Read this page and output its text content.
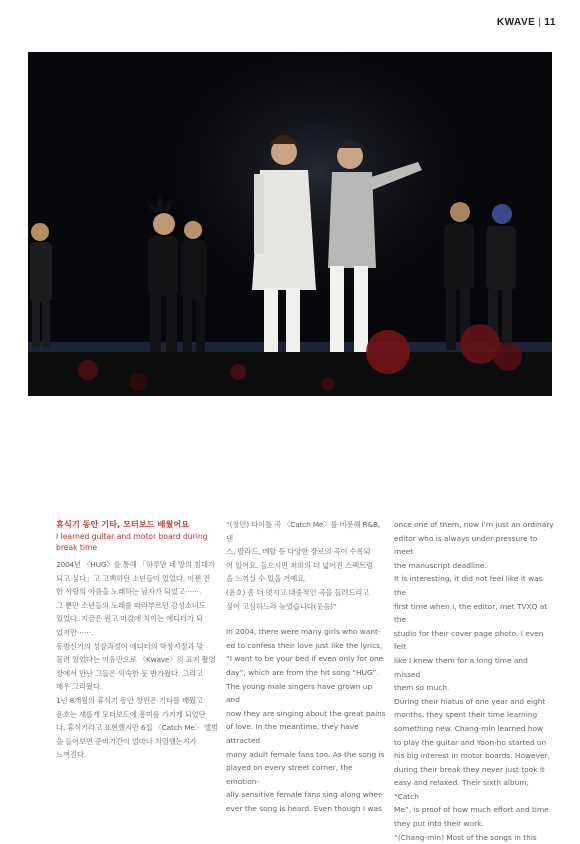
KWAVE | 11

휴식기 동안 기타, 모터보드 배웠어요

I learned guitar and motor board during
break time

2004년 〈HUG〉를 통해 「하루만 네 방의 침대가

되고 싶다」고 고백하던 소년들이 있었다. 이젠 진

한 사랑의 아픔을 노래하는 남자가 되었고⋯⋯.

그 뿐만 소년들의 노래를 따라부르던 감성소녀도

있었다. 지금은 원고 마감에 치이는 에디터가 되

었지만⋯⋯.

동방신기의 성장과정이 에디터의 학창시절과 맞

물려 있었다는 이유만으로 〈Kwave〉의 표지 촬영

장에서 만난 그들은 익숙한 듯 반가웠다. 그리고

매우 그리웠다.

1년 8개월의 휴식기 동안 창민은 기타를 배웠고

윤호는 새롭게 모터보드에 흥미를 가지게 되었단

다. 휴식기라고 표현했지만 6집 〈Catch Me〉 앨범

을 들어보면 준비기간이 얼마나 치열했는지가

느껴진다.

“(창민) 타이틀 곡 〈Catch Me〉를 비롯해 R&B, 댄

스, 발라드, 메탈 등 다양한 장르의 곡이 수록되

어 있어요. 들으시면 저희의 더 넓어진 스펙트럼

을 느끼실 수 있을 거예요.

(윤호) 좀 더 멋지고 대중적인 곡을 들려드리고

싶어 고심하느라 늦었습니다(웃음)”

In 2004, there were many girls who want-

ed to confess their love just like the lyrics,

“I want to be your bed if even only for one

day”, which are from the hit song “HUG”.

The young male singers have grown up and

now they are singing about the great pains

of love. In the meantime, they have attracted

many adult female fans too. As the song is

played on every street corner, the emotion-

ally sensitive female fans sing along wher-

ever the song is heard. Even though I was

once one of them, now I’m just an ordinary

editor who is always under pressure to meet

the manuscript deadline.

It is interesting, it did not feel like it was the

first time when I, the editor, met TVXQ at the

studio for their cover page photo. I even felt

like I knew them for a long time and missed

them so much.

During their hiatus of one year and eight

months, they spent their time learning

something new. Chang-min learned how

to play the guitar and Yoon-ho started on

his big interest in motor boards. However,

during their break they never just took it

easy and relaxed. Their sixth album, “Catch

Me”, is proof of how much effort and time

they put into their work.

“(Chang-min) Most of the songs in this
